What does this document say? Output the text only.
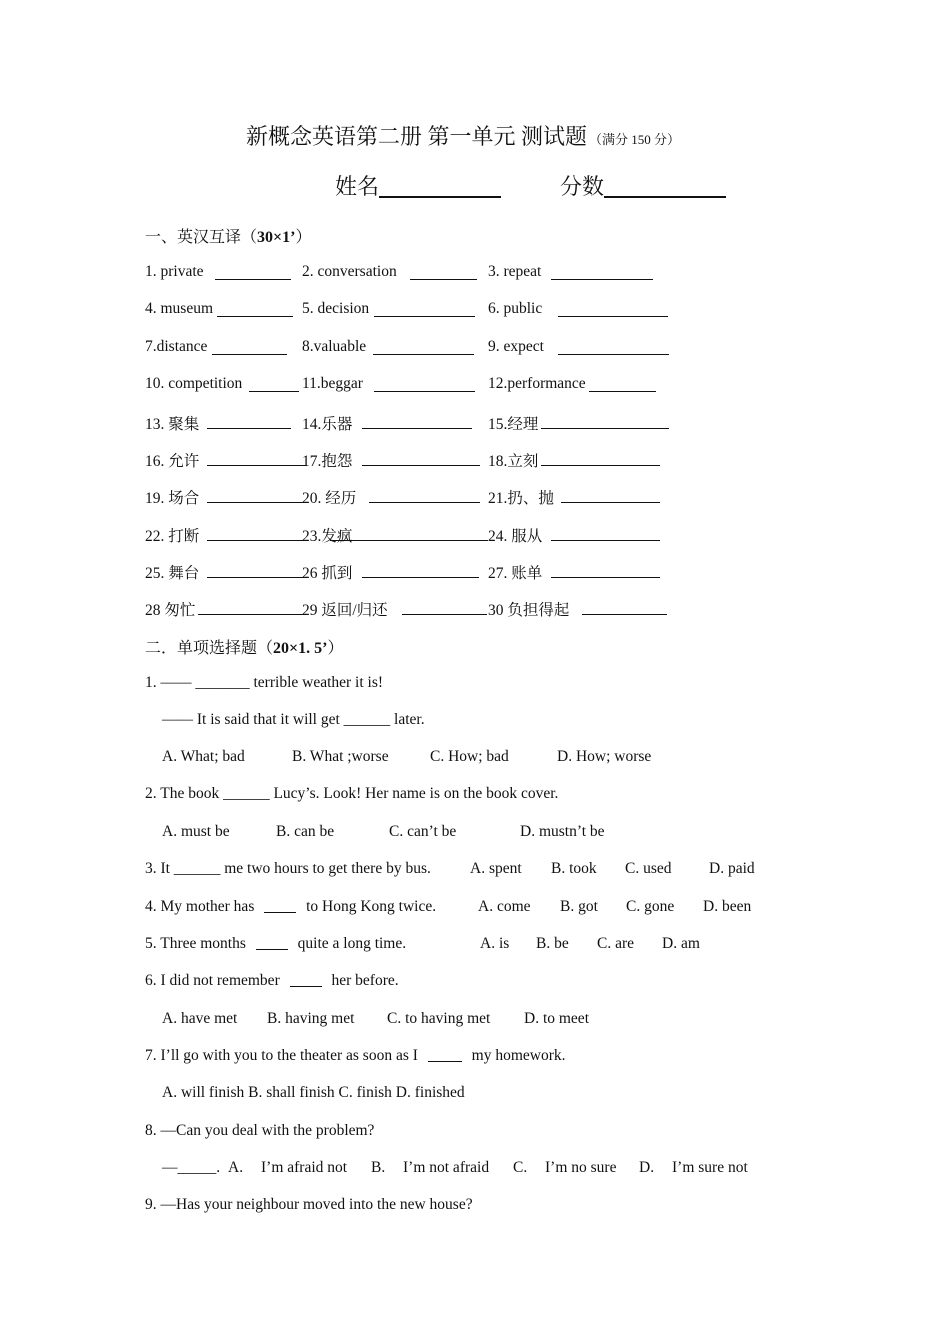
新概念英语第二册 第一单元 测试题 （满分 150 分）
姓名	分数
一、英汉互译（30×1’）
1. private	2. conversation	3. repeat
4. museum	5. decision	6. public
7.distance	8.valuable	9. expect
10. competition	11.beggar	12.performance
13. 聚集	14.乐器	15.经理
16. 允许	17.抱怨	18.立刻
19. 场合	20. 经历	21.扔、抛
22. 打断	23.发疯	24. 服从
25. 舞台	26 抓到	27. 账单
28 匆忙	29 返回/归还	30 负担得起
二．单项选择题（20×1. 5’）
1. —— _______ terrible weather it is!
—— It is said that it will get ______ later.
A. What; bad	B. What ;worse	C. How; bad	D. How; worse
2. The book ______ Lucy’s. Look! Her name is on the book cover.
A. must be	B. can be	C. can’t be	D. mustn’t be
3. It ______ me two hours to get there by bus.	A. spent B. took C. used D. paid
4. My mother has	to Hong Kong twice.	A. come B. got C. gone D. been
5. Three months	quite a long time.	A. is B. be C. are D. am
6. I did not remember	her before.
A. have met B. having met C. to having met D. to meet
7. I’ll go with you to the theater as soon as I	my homework.
A. will finish B. shall finish C. finish D. finished
8. —Can you deal with the problem?
—_____. A. I’m afraid not B. I’m not afraid C. I’m no sure D. I’m sure not
9. —Has your neighbour moved into the new house?
